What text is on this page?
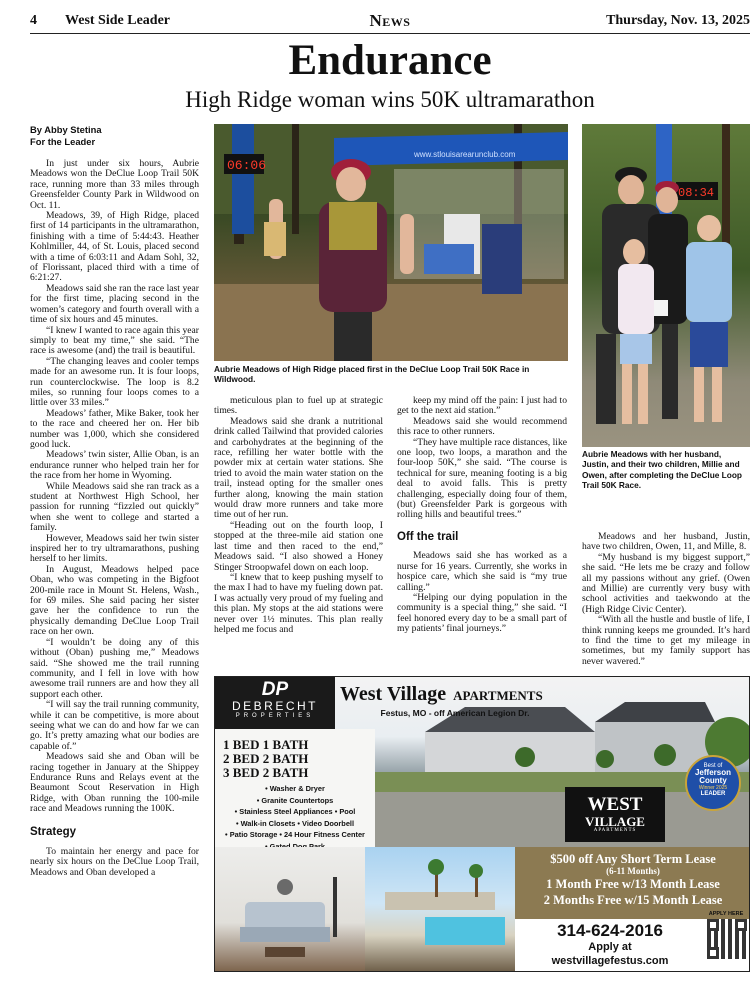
4 West Side Leader	News	Thursday, Nov. 13, 2025
Endurance
High Ridge woman wins 50K ultramarathon
By Abby Stetina
For the Leader

In just under six hours, Aubrie Meadows won the DeClue Loop Trail 50K race, running more than 33 miles through Greensfelder County Park in Wildwood on Oct. 11.

Meadows, 39, of High Ridge, placed first of 14 participants in the ultramarathon, finishing with a time of 5:44:43. Heather Kohlmiller, 44, of St. Louis, placed second with a time of 6:03:11 and Adam Sohl, 32, of Florissant, placed third with a time of 6:21:27.

Meadows said she ran the race last year for the first time, placing second in the women’s category and fourth overall with a time of six hours and 45 minutes.

“I knew I wanted to race again this year simply to beat my time,” she said. “The race is awesome (and) the trail is beautiful.

“The changing leaves and cooler temps made for an awesome run. It is four loops, run counterclockwise. The loop is 8.2 miles, so running four loops comes to a little over 33 miles.”

Meadows’ father, Mike Baker, took her to the race and cheered her on. Her bib number was 1,000, which she considered good luck.

Meadows’ twin sister, Allie Oban, is an endurance runner who helped train her for the race from her home in Wyoming.

While Meadows said she ran track as a student at Northwest High School, her passion for running “fizzled out quickly” when she went to college and started a family.

However, Meadows said her twin sister inspired her to try ultramarathons, pushing herself to her limits.

In August, Meadows helped pace Oban, who was competing in the Bigfoot 200-mile race in Mount St. Helens, Wash., for 69 miles. She said pacing her sister gave her the confidence to run the physically demanding DeClue Loop Trail race on her own.

“I wouldn’t be doing any of this without (Oban) pushing me,” Meadows said. “She showed me the trail running community, and I fell in love with how awesome trail runners are and how they all support each other.

“I will say the trail running community, while it can be competitive, is more about seeing what we can do and how far we can go. It’s pretty amazing what our bodies are capable of.”

Meadows said she and Oban will be racing together in January at the Shippey Endurance Runs and Relays event at the Beaumont Scout Reservation in High Ridge, with Oban running the 100-mile race and Meadows running the 100K.

Strategy

To maintain her energy and pace for nearly six hours on the DeClue Loop Trail, Meadows and Oban developed a

www.stlouisarearunclub.com
06:06
Aubrie Meadows of High Ridge placed first in the DeClue Loop Trail 50K Race in Wildwood.
08:34
Aubrie Meadows with her husband, Justin, and their two children, Millie and Owen, after completing the DeClue Loop Trail 50K Race.

meticulous plan to fuel up at strategic times.

Meadows said she drank a nutritional drink called Tailwind that provided calories and carbohydrates at the beginning of the race, refilling her water bottle with the powder mix at certain water stations. She tried to avoid the main water station on the trail, instead opting for the smaller ones further along, knowing the main station would draw more runners and take more time out of her run.

“Heading out on the fourth loop, I stopped at the three-mile aid station one last time and then raced to the end,” Meadows said. “I also showed a Honey Stinger Stroopwafel down on each loop.

“I knew that to keep pushing myself to the max I had to have my fueling down pat. I was actually very proud of my fueling and this plan. My stops at the aid stations were never over 1½ minutes. This plan really helped me focus and

keep my mind off the pain: I just had to get to the next aid station.”

Meadows said she would recommend this race to other runners.

“They have multiple race distances, like one loop, two loops, a marathon and the four-loop 50K,” she said. “The course is technical for sure, meaning footing is a big deal to avoid falls. This is pretty challenging, especially doing four of them, (but) Greensfelder Park is gorgeous with rolling hills and beautiful trees.”

Off the trail

Meadows said she has worked as a nurse for 16 years. Currently, she works in hospice care, which she said is “my true calling.”

“Helping our dying population in the community is a special thing,” she said. “I feel honored every day to be a small part of my patients’ final journeys.”

Meadows and her husband, Justin, have two children, Owen, 11, and Mille, 8.

“My husband is my biggest support,” she said. “He lets me be crazy and follow all my passions without any grief. (Owen and Millie) are currently very busy with school activities and taekwondo at the (High Ridge Civic Center).

“With all the hustle and bustle of life, I think running keeps me grounded. It’s hard to find the time to get my mileage in sometimes, but my family support has never wavered.”

WEST
VILLAGE
APARTMENTS
DP
DEBRECHT
PROPERTIES
West Village APARTMENTS
Festus, MO - off American Legion Dr.
1 BED 1 BATH
2 BED 2 BATH
3 BED 2 BATH
• Washer & Dryer
• Granite Countertops
• Stainless Steel Appliances • Pool
• Walk-in Closets • Video Doorbell
• Patio Storage • 24 Hour Fitness Center
Best of
Jefferson
County
Winner 2025
LEADER
$500 off Any Short Term Lease
(6-11 Months)
1 Month Free w/13 Month Lease
2 Months Free w/15 Month Lease
314-624-2016
Apply at
westvillagefestus.com
APPLY HERE
